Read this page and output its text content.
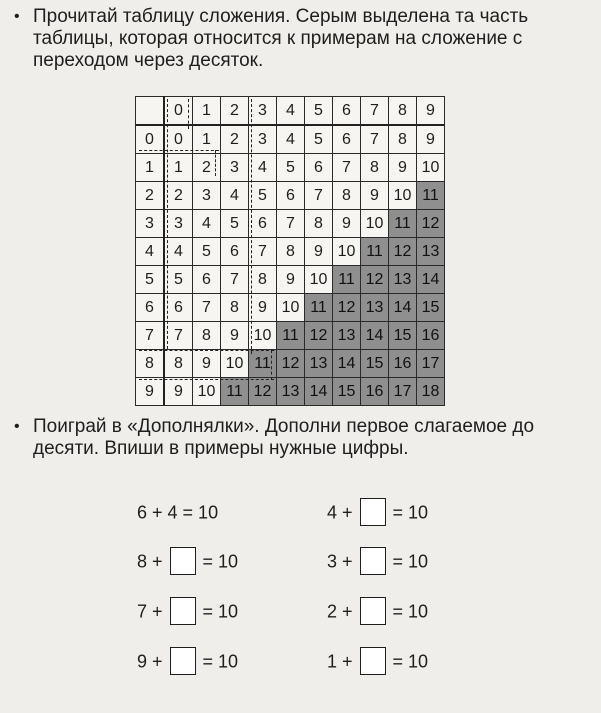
• Прочитай таблицу сложения. Серым выделена та часть таблицы, которая относится к примерам на сложение с переходом через десяток.
	0	1	2	3	4	5	6	7	8	9
0	0	1	2	3	4	5	6	7	8	9
1	1	2	3	4	5	6	7	8	9	10
2	2	3	4	5	6	7	8	9	10	11
3	3	4	5	6	7	8	9	10	11	12
4	4	5	6	7	8	9	10	11	12	13
5	5	6	7	8	9	10	11	12	13	14
6	6	7	8	9	10	11	12	13	14	15
7	7	8	9	10	11	12	13	14	15	16
8	8	9	10	11	12	13	14	15	16	17
9	9	10	11	12	13	14	15	16	17	18
• Поиграй в «Дополнялки». Дополни первое слагаемое до десяти. Впиши в примеры нужные цифры.
6 + 4 = 10	4 +  = 10
8 +  = 10	3 +  = 10
7 +  = 10	2 +  = 10
9 +  = 10	1 +  = 10
